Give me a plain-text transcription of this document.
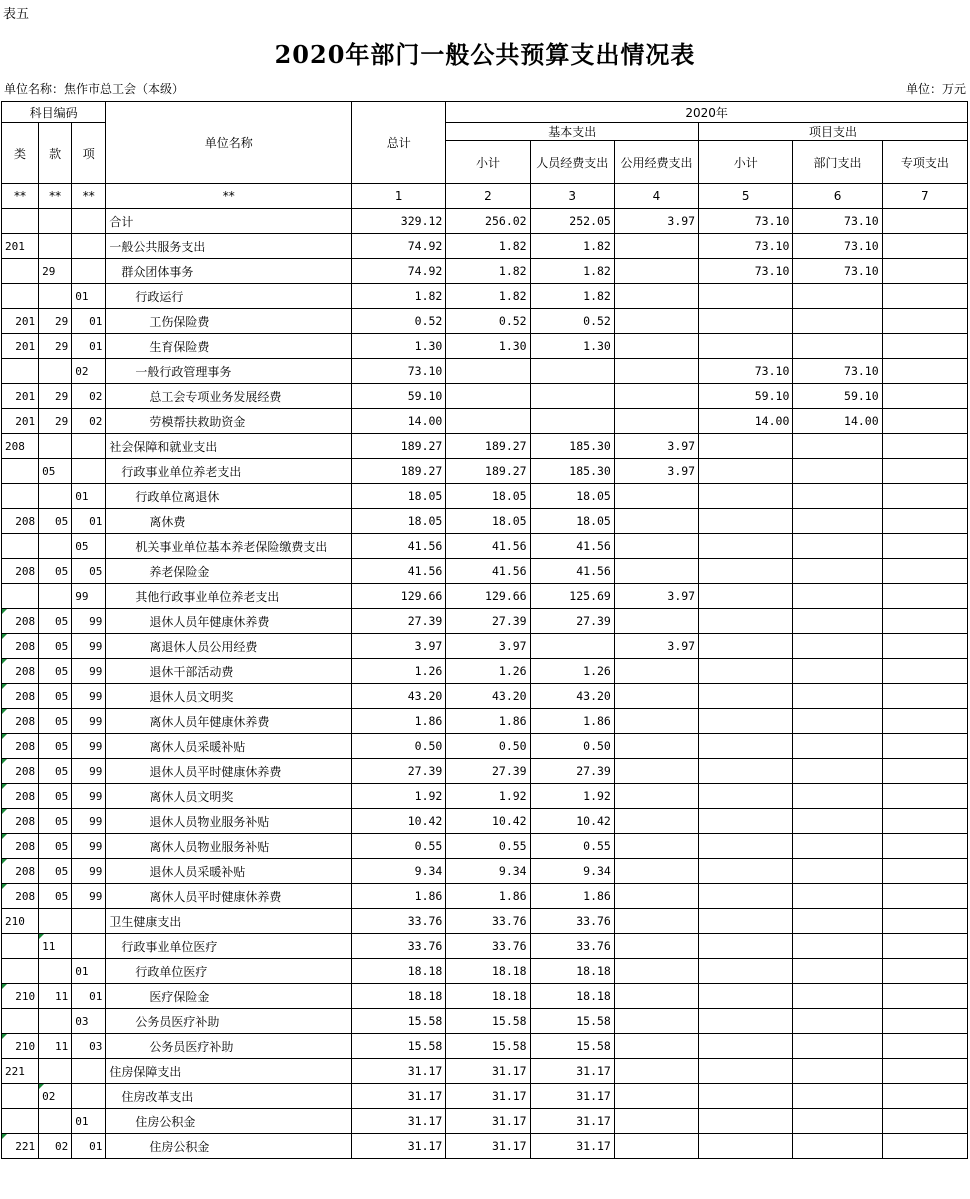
表五
2020年部门一般公共预算支出情况表
单位名称：焦作市总工会（本级）	单位：万元
科目编码			单位名称	总计	2020年					
类	款	项			基本支出			项目支出		
					小计	人员经费支出	公用经费支出	小计	部门支出	专项支出
**	**	**	**	1	2	3	4	5	6	7
			合计	329.12	256.02	252.05	3.97	73.10	73.10	
201			一般公共服务支出	74.92	1.82	1.82		73.10	73.10	
	29		群众团体事务	74.92	1.82	1.82		73.10	73.10	
		01	行政运行	1.82	1.82	1.82				
201	29	01	工伤保险费	0.52	0.52	0.52				
201	29	01	生育保险费	1.30	1.30	1.30				
		02	一般行政管理事务	73.10				73.10	73.10	
201	29	02	总工会专项业务发展经费	59.10				59.10	59.10	
201	29	02	劳模帮扶救助资金	14.00				14.00	14.00	
208			社会保障和就业支出	189.27	189.27	185.30	3.97			
	05		行政事业单位养老支出	189.27	189.27	185.30	3.97			
		01	行政单位离退休	18.05	18.05	18.05				
208	05	01	离休费	18.05	18.05	18.05				
		05	机关事业单位基本养老保险缴费支出	41.56	41.56	41.56				
208	05	05	养老保险金	41.56	41.56	41.56				
		99	其他行政事业单位养老支出	129.66	129.66	125.69	3.97			
208	05	99	退休人员年健康休养费	27.39	27.39	27.39				
208	05	99	离退休人员公用经费	3.97	3.97		3.97			
208	05	99	退休干部活动费	1.26	1.26	1.26				
208	05	99	退休人员文明奖	43.20	43.20	43.20				
208	05	99	离休人员年健康休养费	1.86	1.86	1.86				
208	05	99	离休人员采暖补贴	0.50	0.50	0.50				
208	05	99	退休人员平时健康休养费	27.39	27.39	27.39				
208	05	99	离休人员文明奖	1.92	1.92	1.92				
208	05	99	退休人员物业服务补贴	10.42	10.42	10.42				
208	05	99	离休人员物业服务补贴	0.55	0.55	0.55				
208	05	99	退休人员采暖补贴	9.34	9.34	9.34				
208	05	99	离休人员平时健康休养费	1.86	1.86	1.86				
210			卫生健康支出	33.76	33.76	33.76				
	11		行政事业单位医疗	33.76	33.76	33.76				
		01	行政单位医疗	18.18	18.18	18.18				
210	11	01	医疗保险金	18.18	18.18	18.18				
		03	公务员医疗补助	15.58	15.58	15.58				
210	11	03	公务员医疗补助	15.58	15.58	15.58				
221			住房保障支出	31.17	31.17	31.17				
	02		住房改革支出	31.17	31.17	31.17				
		01	住房公积金	31.17	31.17	31.17				
221	02	01	住房公积金	31.17	31.17	31.17				
